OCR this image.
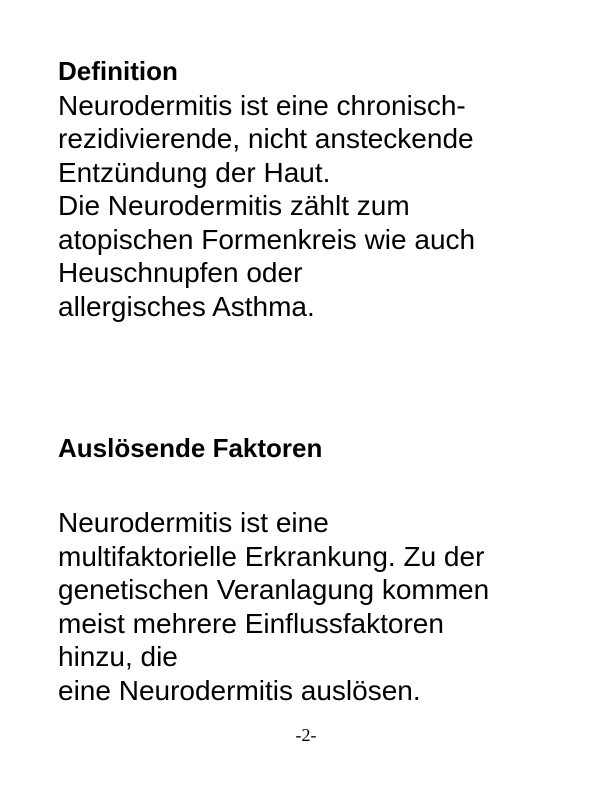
Definition
Neurodermitis ist eine chronisch-
rezidivierende, nicht ansteckende
Entzündung der Haut.
Die Neurodermitis zählt zum
atopischen Formenkreis wie auch
Heuschnupfen oder
allergisches Asthma.
Auslösende Faktoren
Neurodermitis ist eine
multifaktorielle Erkrankung. Zu der
genetischen Veranlagung kommen
meist mehrere Einflussfaktoren
hinzu, die
eine Neurodermitis auslösen.
-2-
